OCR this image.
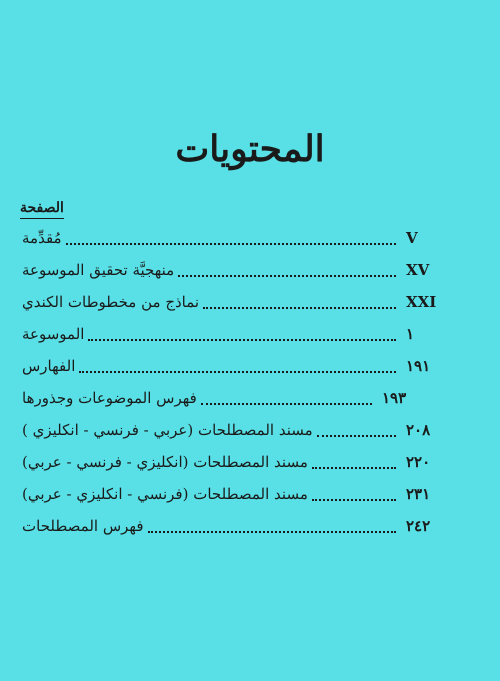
المحتويات
الصفحة
مُقدِّمة	V
منهجيَّة تحقيق الموسوعة	XV
نماذج من مخطوطات الكندي	XXI
الموسوعة	١
الفهارس	١٩١
فهرس الموضوعات وجذورها	١٩٣
مسند المصطلحات (عربي - فرنسي - انكليزي )	٢٠٨
مسند المصطلحات (انكليزي - فرنسي - عربي)	٢٢٠
مسند المصطلحات (فرنسي - انكليزي - عربي)	٢٣١
فهرس المصطلحات	٢٤٢
